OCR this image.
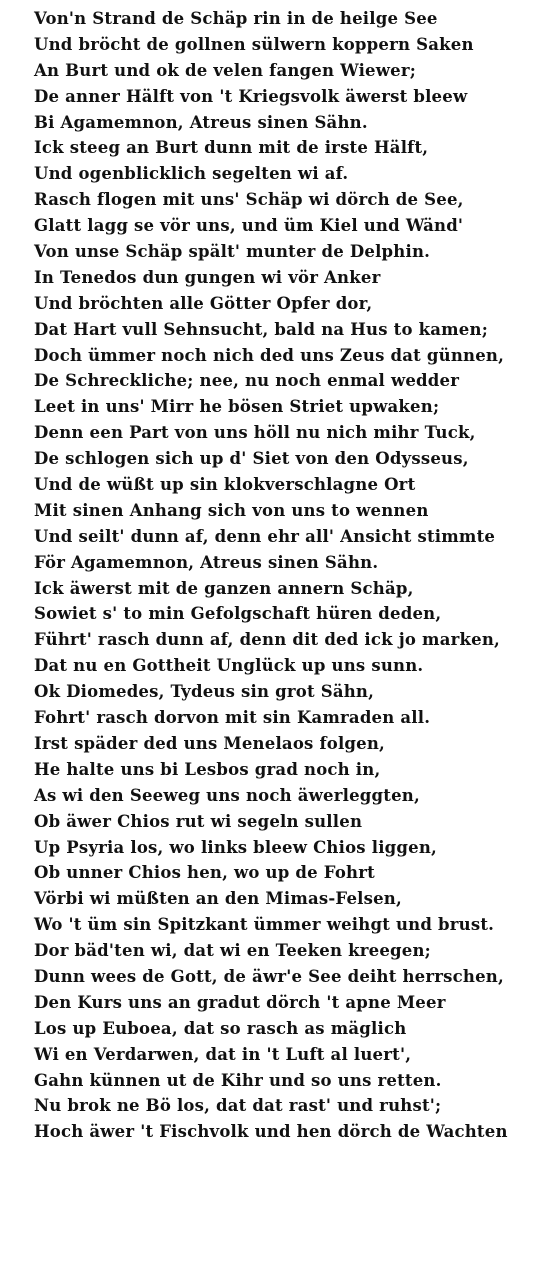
Von'n Strand de Schäp rin in de heilge See
Und bröcht de gollnen sülwern koppern Saken
An Burt und ok de velen fangen Wiewer;
De anner Hälft von 't Kriegsvolk äwerst bleew
Bi Agamemnon, Atreus sinen Sähn.
Ick steeg an Burt dunn mit de irste Hälft,
Und ogenblicklich segelten wi af.
Rasch flogen mit uns' Schäp wi dörch de See,
Glatt lagg se vör uns, und üm Kiel und Wänd'
Von unse Schäp spält' munter de Delphin.
In Tenedos dun gungen wi vör Anker
Und bröchten alle Götter Opfer dor,
Dat Hart vull Sehnsucht, bald na Hus to kamen;
Doch ümmer noch nich ded uns Zeus dat günnen,
De Schreckliche; nee, nu noch enmal wedder
Leet in uns' Mirr he bösen Striet upwaken;
Denn een Part von uns höll nu nich mihr Tuck,
De schlogen sich up d' Siet von den Odysseus,
Und de wüßt up sin klokverschlagne Ort
Mit sinen Anhang sich von uns to wennen
Und seilt' dunn af, denn ehr all' Ansicht stimmte
För Agamemnon, Atreus sinen Sähn.
Ick äwerst mit de ganzen annern Schäp,
Sowiet s' to min Gefolgschaft hüren deden,
Führt' rasch dunn af, denn dit ded ick jo marken,
Dat nu en Gottheit Unglück up uns sunn.
Ok Diomedes, Tydeus sin grot Sähn,
Fohrt' rasch dorvon mit sin Kamraden all.
Irst späder ded uns Menelaos folgen,
He halte uns bi Lesbos grad noch in,
As wi den Seeweg uns noch äwerleggten,
Ob äwer Chios rut wi segeln sullen
Up Psyria los, wo links bleew Chios liggen,
Ob unner Chios hen, wo up de Fohrt
Vörbi wi müßten an den Mimas-Felsen,
Wo 't üm sin Spitzkant ümmer weihgt und brust.
Dor bäd'ten wi, dat wi en Teeken kreegen;
Dunn wees de Gott, de äwr'e See deiht herrschen,
Den Kurs uns an gradut dörch 't apne Meer
Los up Euboea, dat so rasch as mäglich
Wi en Verdarwen, dat in 't Luft al luert',
Gahn künnen ut de Kihr und so uns retten.
Nu brok ne Bö los, dat dat rast' und ruhst';
Hoch äwer 't Fischvolk und hen dörch de Wachten
